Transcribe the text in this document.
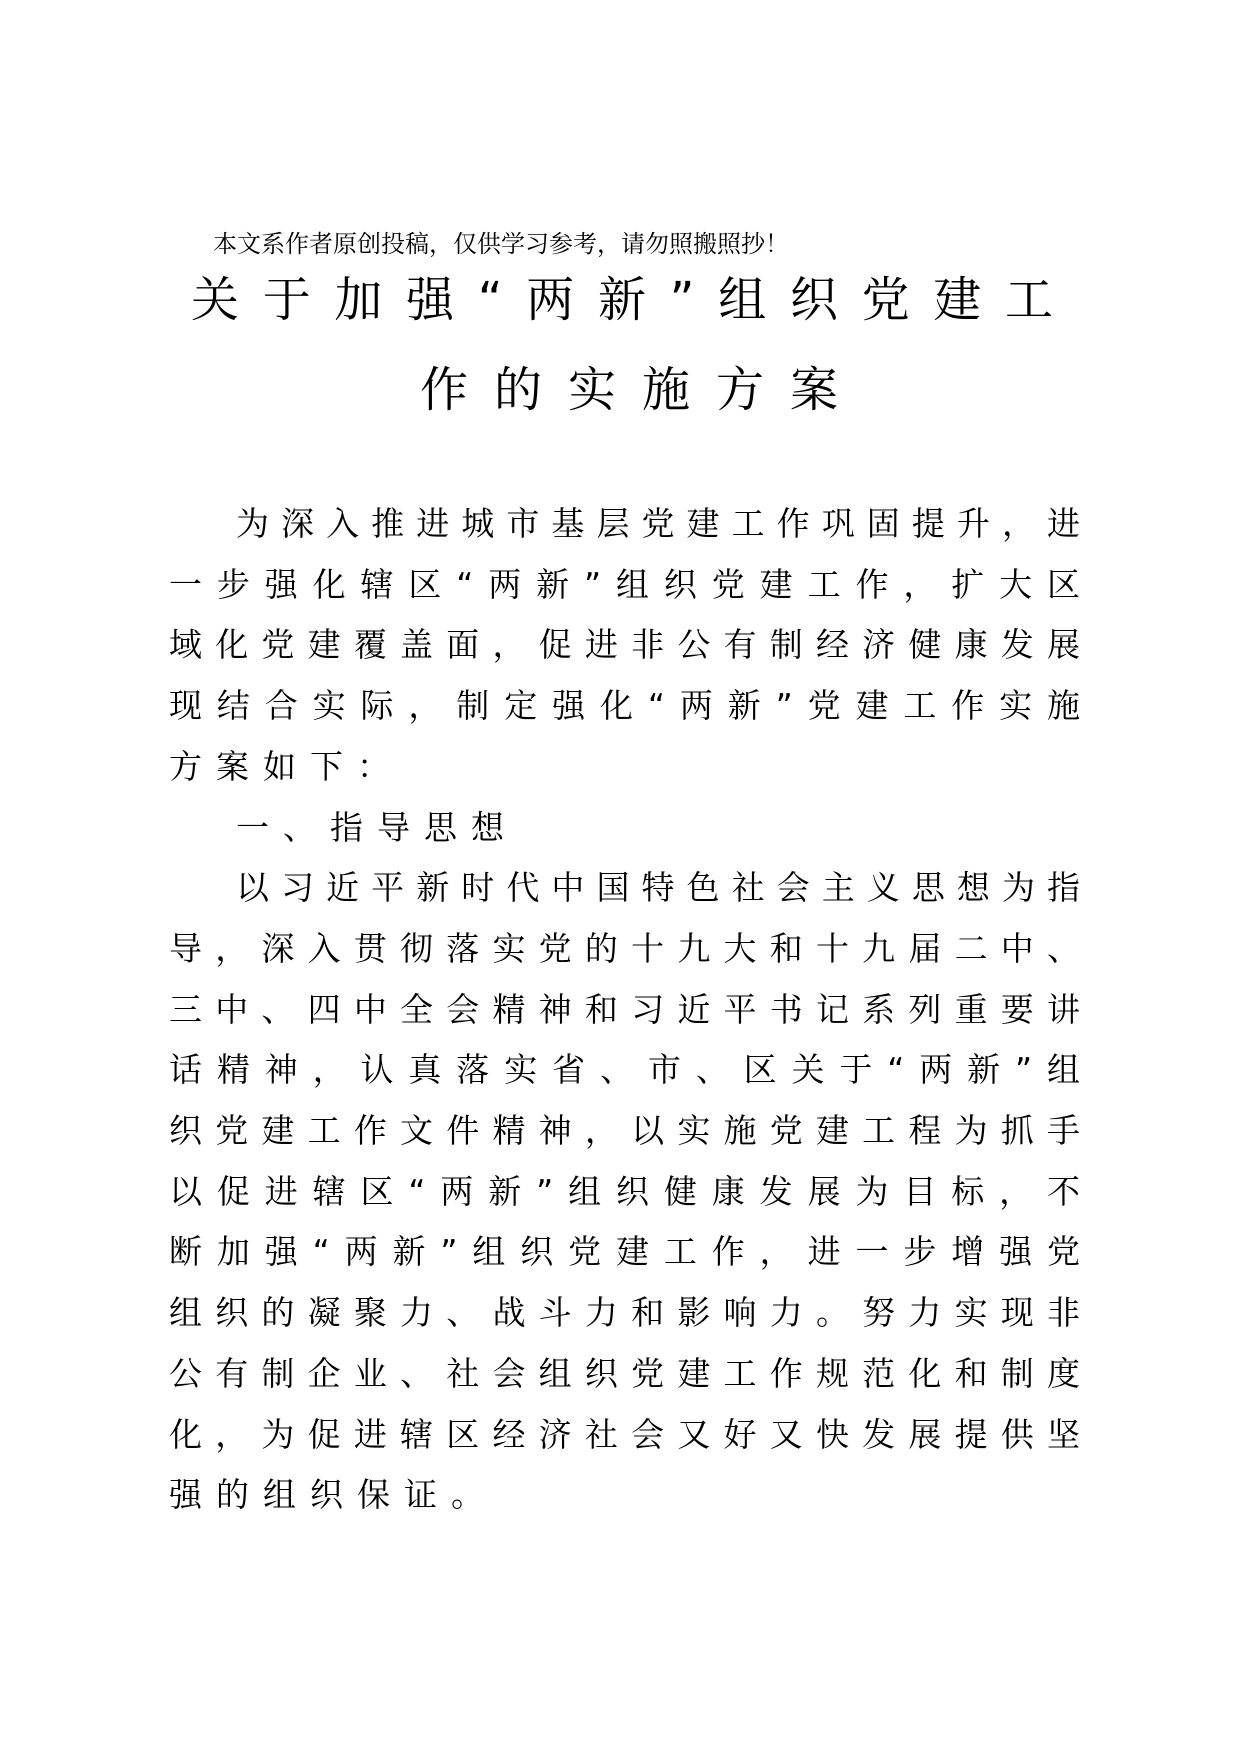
本文系作者原创投稿，仅供学习参考，请勿照搬照抄！
关于加强“两新”组织党建工
作的实施方案
为深入推进城市基层党建工作巩固提升，进
一步强化辖区“两新”组织党建工作，扩大区
域化党建覆盖面，促进非公有制经济健康发展
现结合实际，制定强化“两新”党建工作实施
方案如下：
一、指导思想
以习近平新时代中国特色社会主义思想为指
导，深入贯彻落实党的十九大和十九届二中、
三中、四中全会精神和习近平书记系列重要讲
话精神，认真落实省、市、区关于“两新”组
织党建工作文件精神，以实施党建工程为抓手
以促进辖区“两新”组织健康发展为目标，不
断加强“两新”组织党建工作，进一步增强党
组织的凝聚力、战斗力和影响力。努力实现非
公有制企业、社会组织党建工作规范化和制度
化，为促进辖区经济社会又好又快发展提供坚
强的组织保证。
